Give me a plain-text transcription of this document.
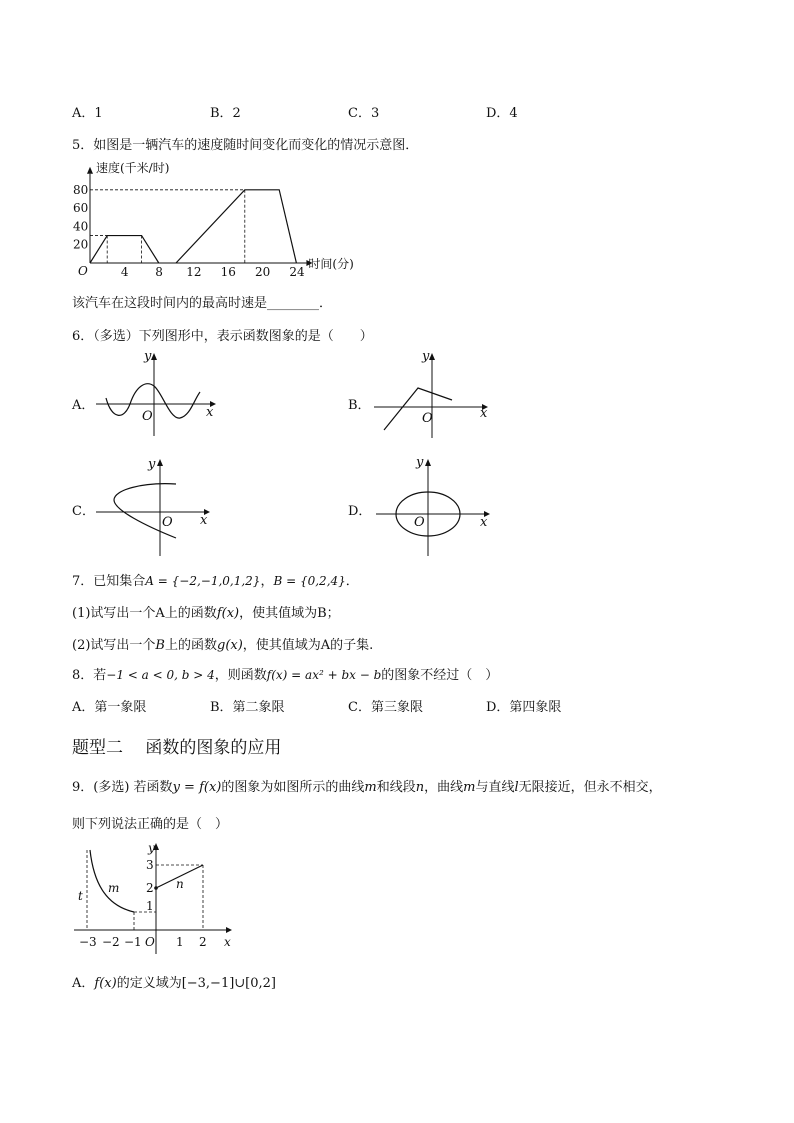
A．1	B．2	C．3	D．4
5．如图是一辆汽车的速度随时间变化而变化的情况示意图．
速度(千米/时)
时间(分)
O	4 8 12 16 20 24
20
40
60
80
该汽车在这段时间内的最高时速是________．
6．（多选）下列图形中，表示函数图象的是（　　）
A．
y
x
O
B．
y
x
O
C．
y
x
O
D．
y
x
O
7．已知集合A = {−2,−1,0,1,2}，B = {0,2,4}．
(1)试写出一个A上的函数f(x)，使其值域为B；
(2)试写出一个B上的函数g(x)，使其值域为A的子集.
8．若−1 < a < 0, b > 4，则函数f(x) = ax² + bx − b的图象不经过（　）
A．第一象限	B．第二象限	C．第三象限	D．第四象限
题型二　 函数的图象的应用
9．(多选) 若函数y = f(x)的图象为如图所示的曲线m和线段n，曲线m与直线l无限接近，但永不相交，
则下列说法正确的是（　）
y
3
2
1
−3 −2 −1 O 1 2 x
t
m	n
A．f(x)的定义域为[−3,−1]∪[0,2]
